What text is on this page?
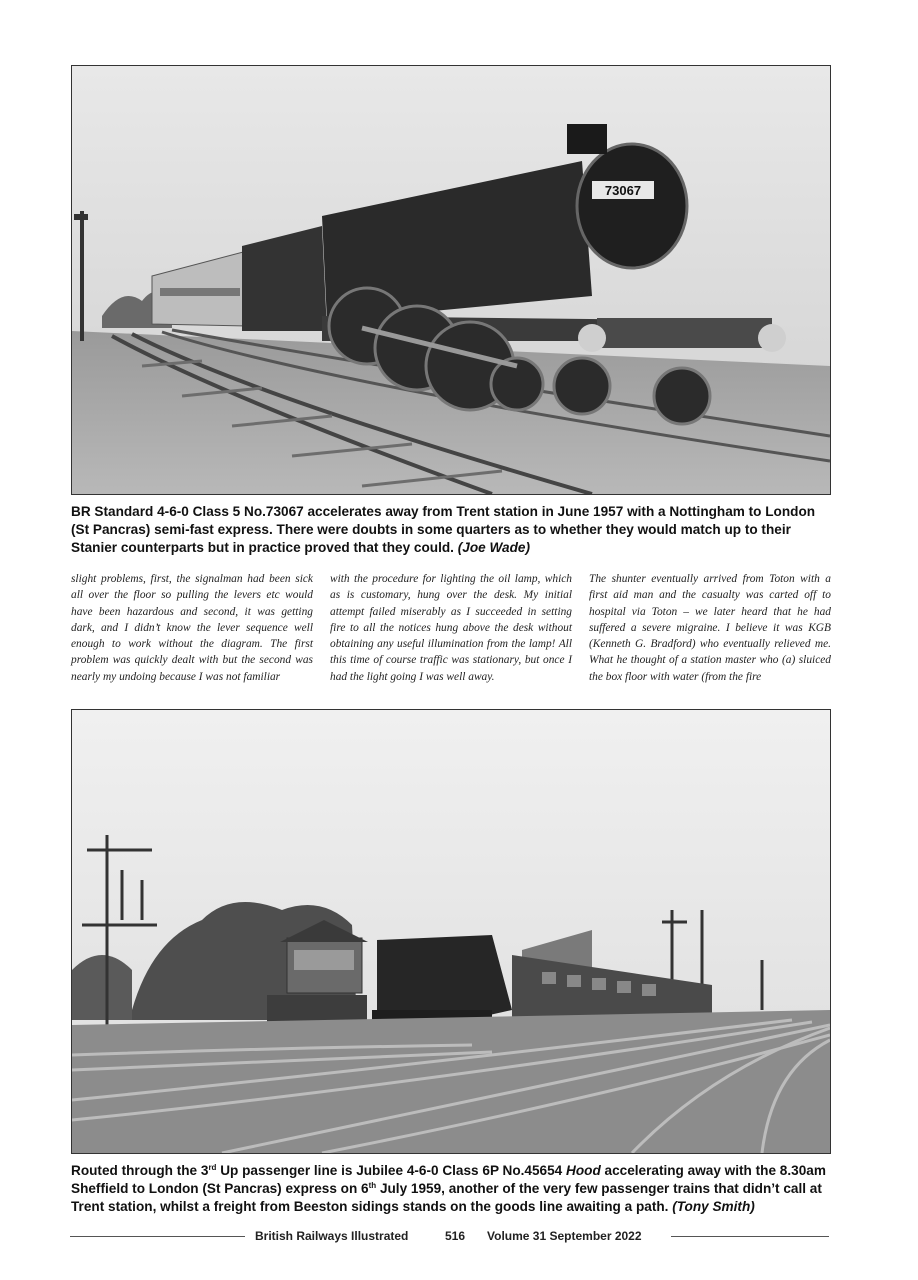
73067

BR Standard 4-6-0 Class 5 No.73067 accelerates away from Trent station in June 1957 with a Nottingham to London (St Pancras) semi-fast express. There were doubts in some quarters as to whether they would match up to their Stanier counterparts but in practice proved that they could. (Joe Wade)

slight problems, first, the signalman had been sick all over the floor so pulling the levers etc would have been hazardous and second, it was getting dark, and I didn’t know the lever sequence well enough to work without the diagram. The first problem was quickly dealt with but the second was nearly my undoing because I was not familiar

with the procedure for lighting the oil lamp, which as is customary, hung over the desk. My initial attempt failed miserably as I succeeded in setting fire to all the notices hung above the desk without obtaining any useful illumination from the lamp! All this time of course traffic was stationary, but once I had the light going I was well away.

The shunter eventually arrived from Toton with a first aid man and the casualty was carted off to hospital via Toton – we later heard that he had suffered a severe migraine. I believe it was KGB (Kenneth G. Bradford) who eventually relieved me. What he thought of a station master who (a) sluiced the box floor with water (from the fire

Routed through the 3rd Up passenger line is Jubilee 4-6-0 Class 6P No.45654 Hood accelerating away with the 8.30am Sheffield to London (St Pancras) express on 6th July 1959, another of the very few passenger trains that didn’t call at Trent station, whilst a freight from Beeston sidings stands on the goods line awaiting a path. (Tony Smith)

British Railways Illustrated	516 Volume 31 September 2022
